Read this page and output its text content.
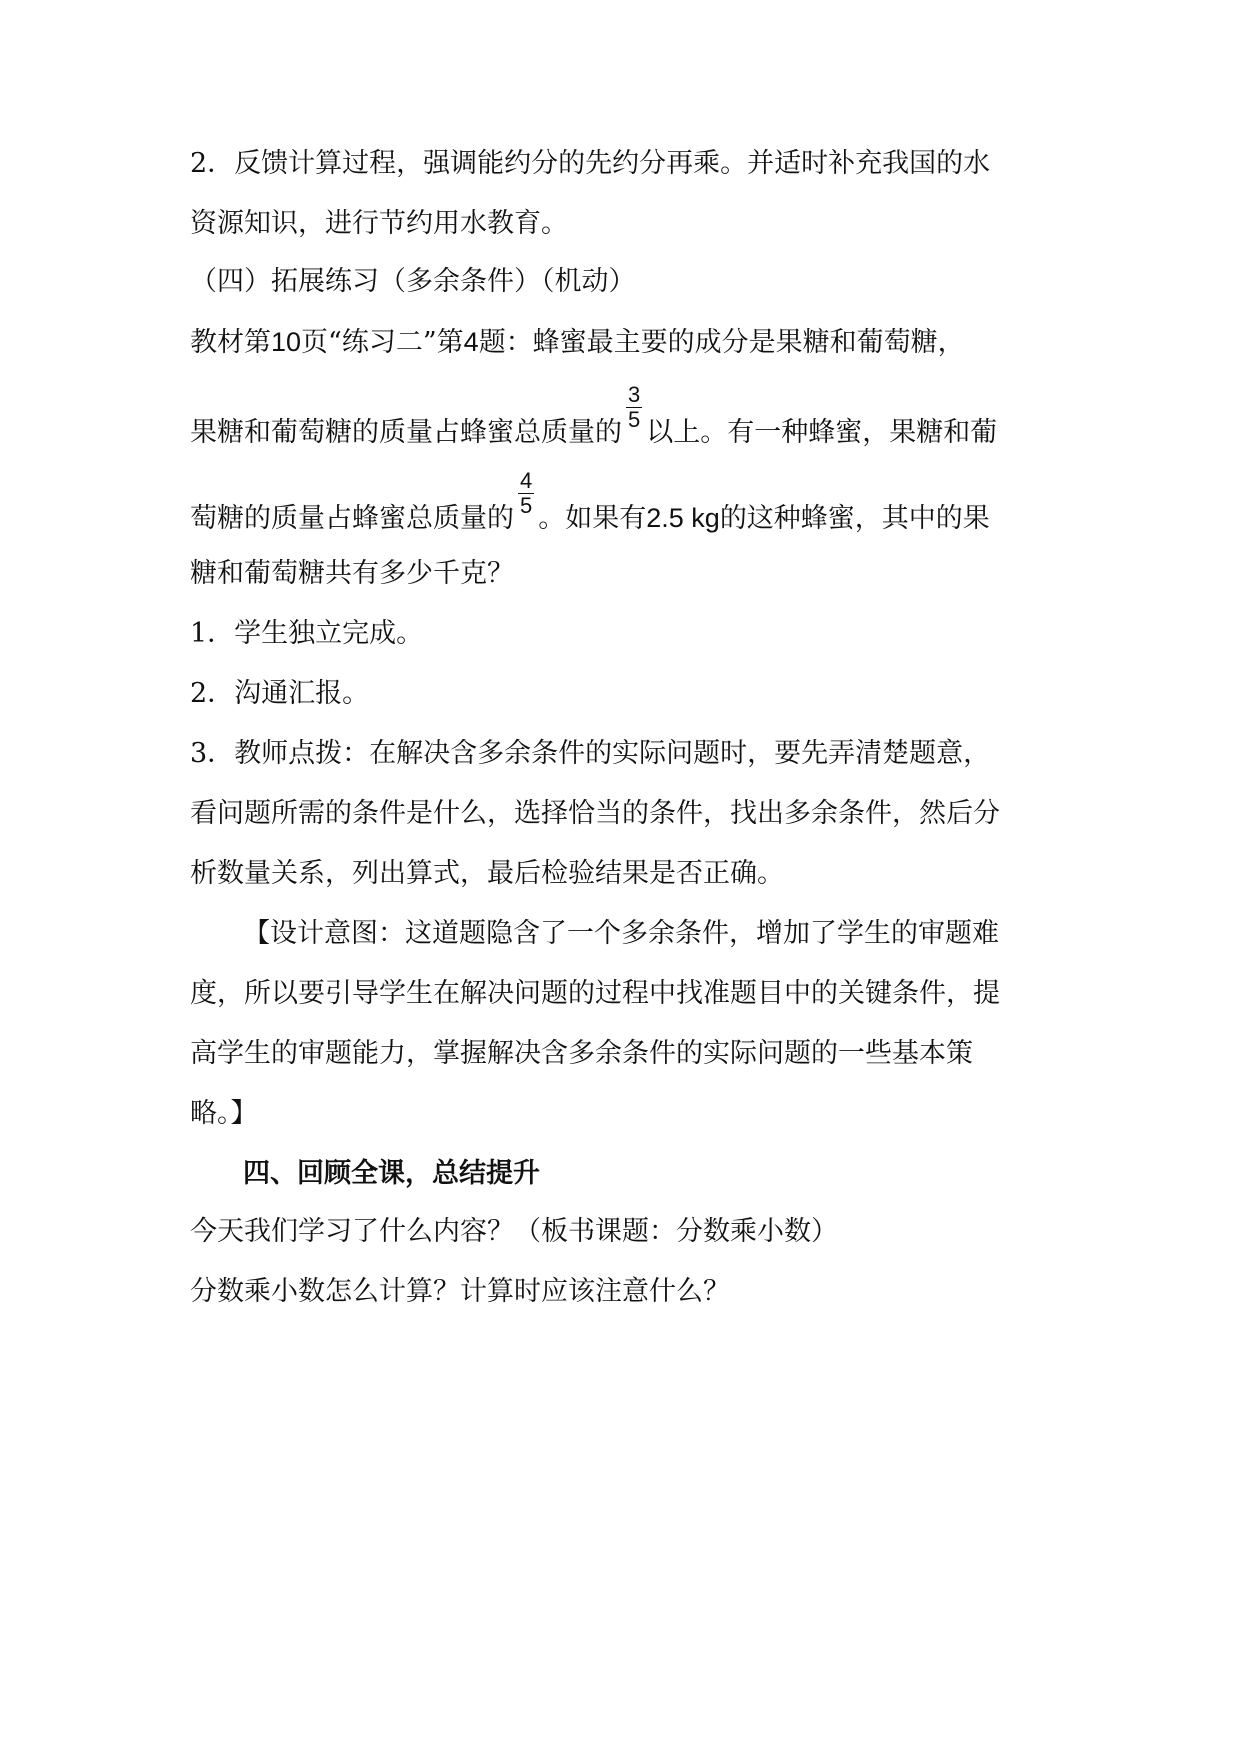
2．反馈计算过程，强调能约分的先约分再乘。并适时补充我国的水
资源知识，进行节约用水教育。
（四）拓展练习（多余条件）（机动）
教材第10页“练习二”第4题：蜂蜜最主要的成分是果糖和葡萄糖，
果糖和葡萄糖的质量占蜂蜜总质量的
$\frac{3}{5}$
以上。有一种蜂蜜，果糖和葡
萄糖的质量占蜂蜜总质量的
$\frac{4}{5}$
。如果有2.5 kg的这种蜂蜜，其中的果
糖和葡萄糖共有多少千克？
1．学生独立完成。
2．沟通汇报。
3．教师点拨：在解决含多余条件的实际问题时，要先弄清楚题意，
看问题所需的条件是什么，选择恰当的条件，找出多余条件，然后分
析数量关系，列出算式，最后检验结果是否正确。
【设计意图：这道题隐含了一个多余条件，增加了学生的审题难
度，所以要引导学生在解决问题的过程中找准题目中的关键条件，提
高学生的审题能力，掌握解决含多余条件的实际问题的一些基本策
略。】
四、回顾全课，总结提升
今天我们学习了什么内容？（板书课题：分数乘小数）
分数乘小数怎么计算？计算时应该注意什么？
